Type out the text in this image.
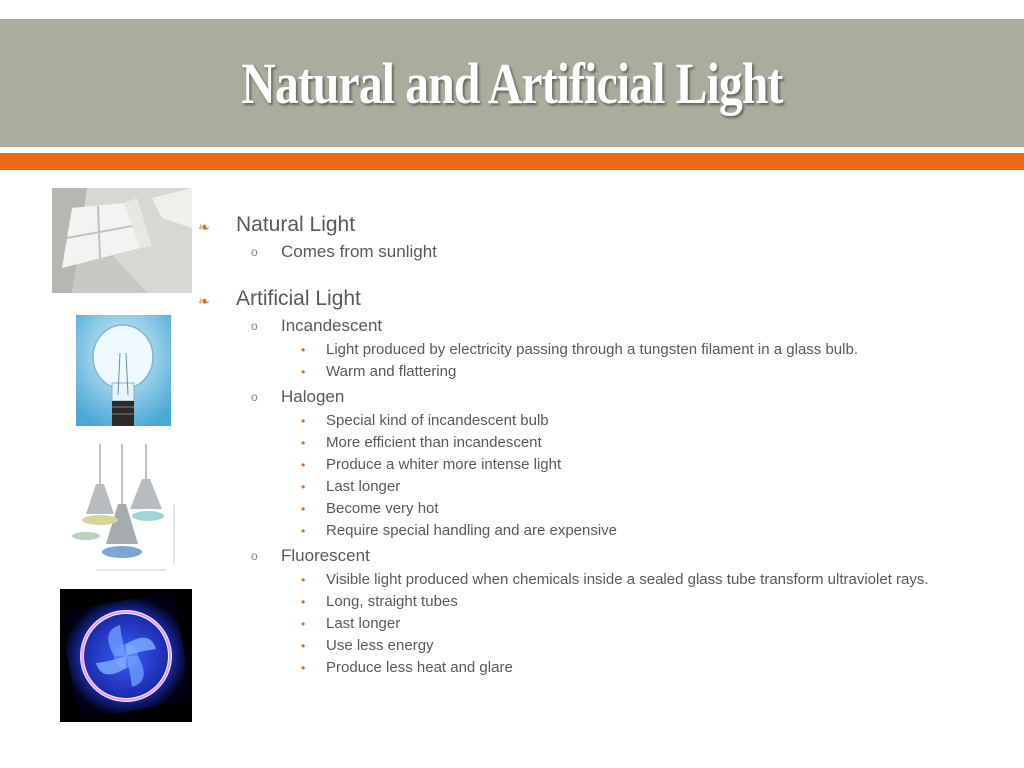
Natural and Artificial Light
❧ Natural Light
o Comes from sunlight
❧ Artificial Light
o Incandescent
• Light produced by electricity passing through a tungsten filament in a glass bulb.
• Warm and flattering
o Halogen
• Special kind of incandescent bulb
• More efficient than incandescent
• Produce a whiter more intense light
• Last longer
• Become very hot
• Require special handling and are expensive
o Fluorescent
• Visible light produced when chemicals inside a sealed glass tube transform ultraviolet rays.
• Long, straight tubes
• Last longer
• Use less energy
• Produce less heat and glare
